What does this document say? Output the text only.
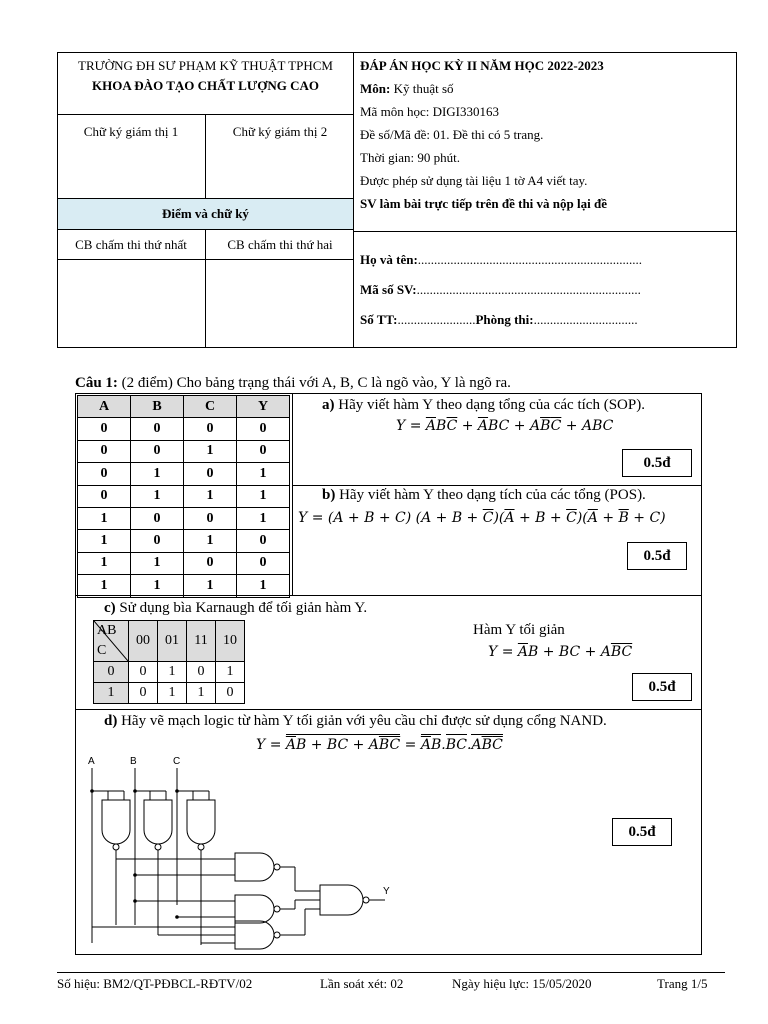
TRƯỜNG ĐH SƯ PHẠM KỸ THUẬT TPHCM
KHOA ĐÀO TẠO CHẤT LƯỢNG CAO
Chữ ký giám thị 1	Chữ ký giám thị 2
Điểm và chữ ký
CB chấm thi thứ nhất	CB chấm thi thứ hai
ĐÁP ÁN HỌC KỲ II NĂM HỌC 2022-2023
Môn: Kỹ thuật số
Mã môn học: DIGI330163
Đề số/Mã đề: 01. Đề thi có 5 trang.
Thời gian: 90 phút.
Được phép sử dụng tài liệu 1 tờ A4 viết tay.
SV làm bài trực tiếp trên đề thi và nộp lại đề
Họ và tên:.....................................................................
Mã số SV:.....................................................................
Số TT:........................Phòng thi:................................
Câu 1: (2 điểm) Cho bảng trạng thái với A, B, C là ngõ vào, Y là ngõ ra.
A	B	C	Y
0	0	0	0
0	0	1	0
0	1	0	1
0	1	1	1
1	0	0	1
1	0	1	0
1	1	0	0
1	1	1	1
a) Hãy viết hàm Y theo dạng tổng của các tích (SOP).
$Y = \overline{A}B\overline{C} + \overline{A}BC + A\overline{B}\overline{C}$ + ABC
0.5đ
b) Hãy viết hàm Y theo dạng tích của các tổng (POS).
Y = (A + B + C) $(A + B + \overline{C})(\overline{A} + B + \overline{C})(\overline{A} + \overline{B} + C)$
0.5đ
c) Sử dụng bìa Karnaugh để tối giản hàm Y.
AB
C	00	01	11	10
0	0	1	0	1
1	0	1	1	0
Hàm Y tối giản
$Y = \overline{A}B$ + BC + $A\overline{B}\overline{C}$
0.5đ
d) Hãy vẽ mạch logic từ hàm Y tối giản với yêu cầu chỉ được sử dụng cổng NAND.
$Y = \overline{A}B$ + BC + $A\overline{B}\overline{C} = \overline{A}B.BC.A\overline{B}\overline{C}$
0.5đ
A	B	C
Y
Số hiệu: BM2/QT-PĐBCL-RĐTV/02	Lần soát xét: 02	Ngày hiệu lực: 15/05/2020	Trang 1/5
